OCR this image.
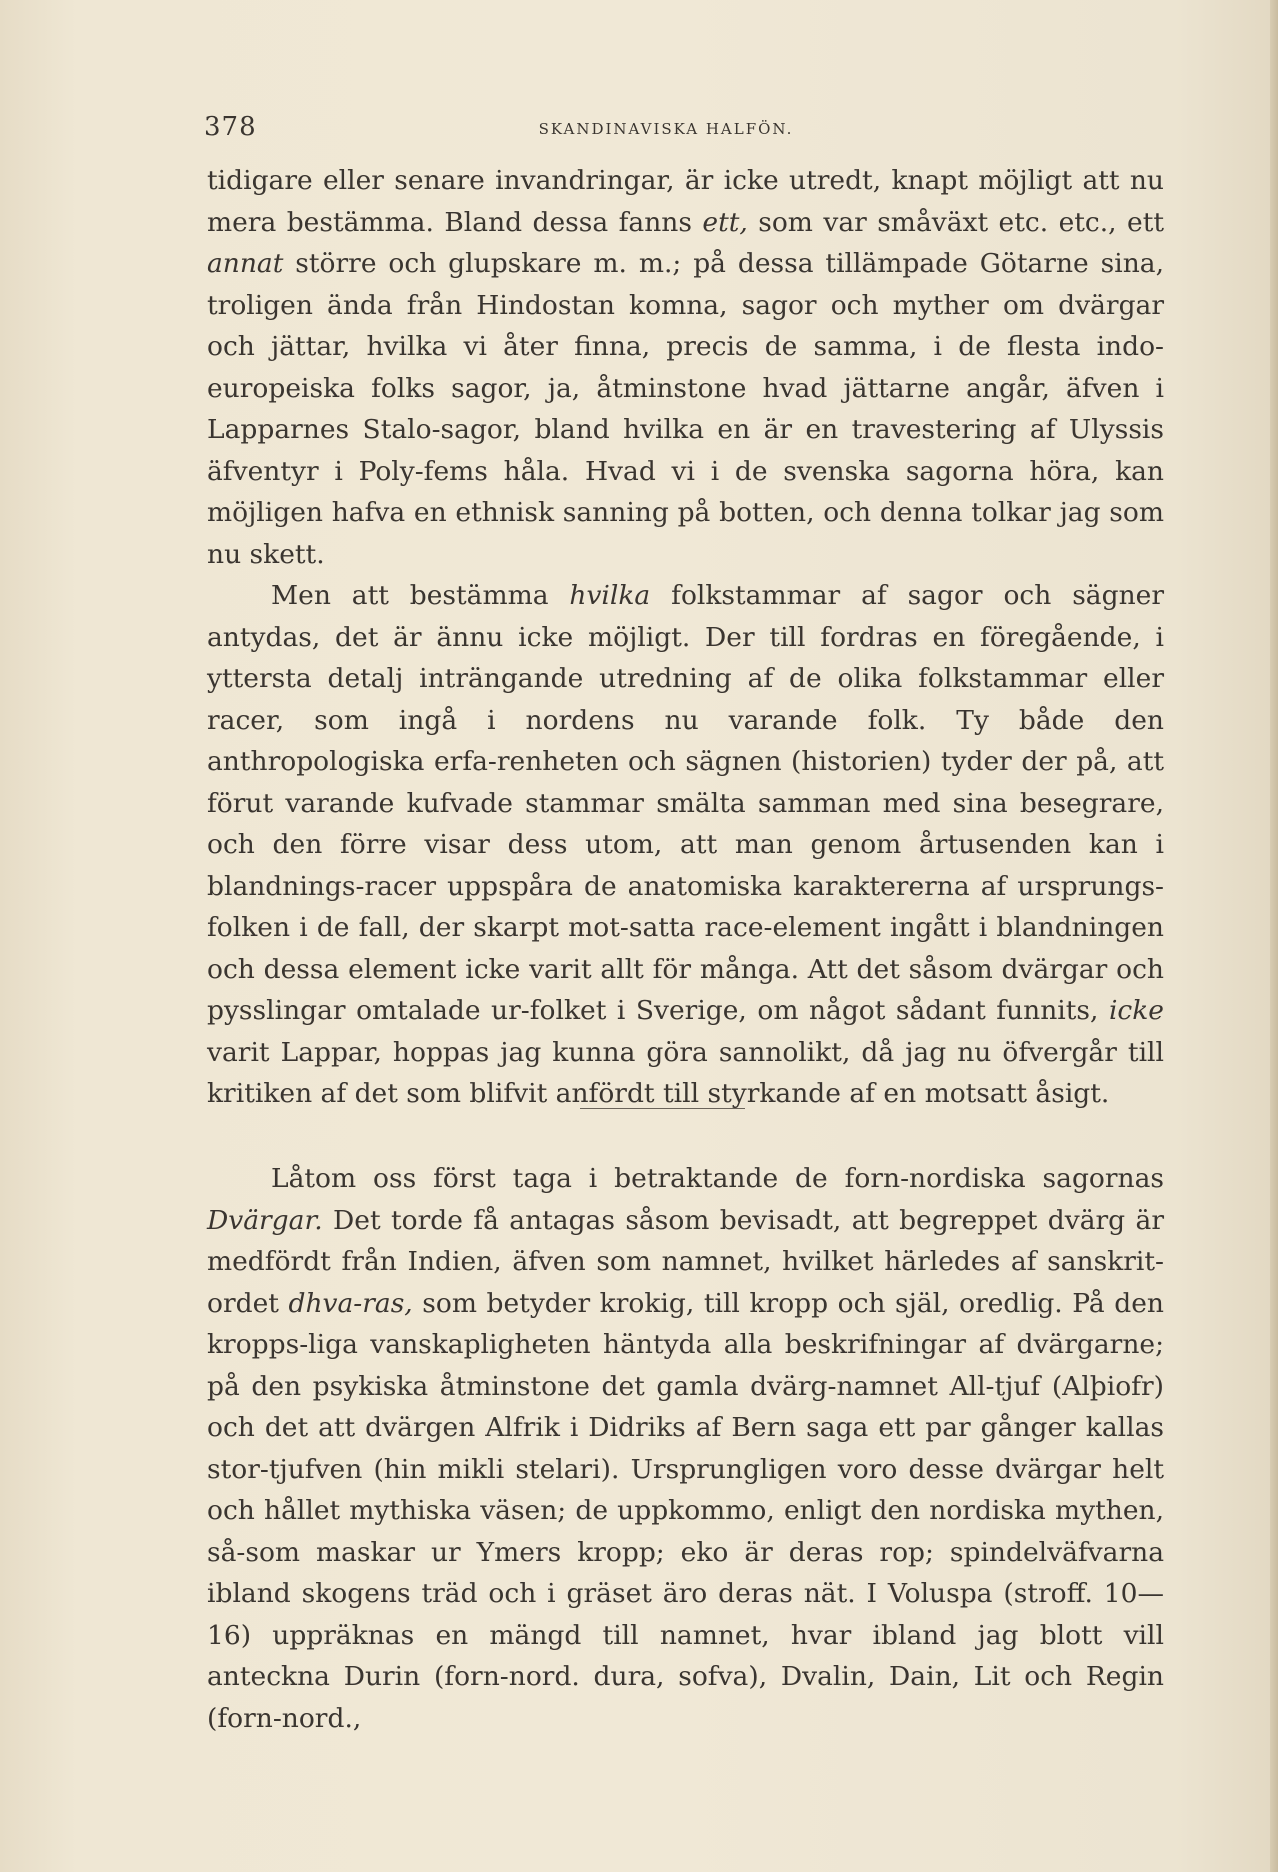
378	SKANDINAVISKA HALFÖN.

tidigare eller senare invandringar, är icke utredt, knapt möjligt att nu mera bestämma. Bland dessa fanns ett, som var småväxt etc. etc., ett annat större och glupskare m. m.; på dessa tillämpade Götarne sina, troligen ända från Hindostan komna, sagor och myther om dvärgar och jättar, hvilka vi åter finna, precis de samma, i de flesta indo-europeiska folks sagor, ja, åtminstone hvad jättarne angår, äfven i Lapparnes Stalo-sagor, bland hvilka en är en travestering af Ulyssis äfventyr i Poly-fems håla. Hvad vi i de svenska sagorna höra, kan möjligen hafva en ethnisk sanning på botten, och denna tolkar jag som nu skett.

Men att bestämma hvilka folkstammar af sagor och sägner antydas, det är ännu icke möjligt. Der till fordras en föregående, i yttersta detalj inträngande utredning af de olika folkstammar eller racer, som ingå i nordens nu varande folk. Ty både den anthropologiska erfa-renheten och sägnen (historien) tyder der på, att förut varande kufvade stammar smälta samman med sina besegrare, och den förre visar dess utom, att man genom årtusenden kan i blandnings-racer uppspåra de anatomiska karaktererna af ursprungs-folken i de fall, der skarpt mot-satta race-element ingått i blandningen och dessa element icke varit allt för många. Att det såsom dvärgar och pysslingar omtalade ur-folket i Sverige, om något sådant funnits, icke varit Lappar, hoppas jag kunna göra sannolikt, då jag nu öfvergår till kritiken af det som blifvit anfördt till styrkande af en motsatt åsigt.

Låtom oss först taga i betraktande de forn-nordiska sagornas Dvärgar. Det torde få antagas såsom bevisadt, att begreppet dvärg är medfördt från Indien, äfven som namnet, hvilket härledes af sanskrit-ordet dhva-ras, som betyder krokig, till kropp och själ, oredlig. På den kropps-liga vanskapligheten häntyda alla beskrifningar af dvärgarne; på den psykiska åtminstone det gamla dvärg-namnet All-tjuf (Alþiofr) och det att dvärgen Alfrik i Didriks af Bern saga ett par gånger kallas stor-tjufven (hin mikli stelari). Ursprungligen voro desse dvärgar helt och hållet mythiska väsen; de uppkommo, enligt den nordiska mythen, så-som maskar ur Ymers kropp; eko är deras rop; spindelväfvarna ibland skogens träd och i gräset äro deras nät. I Voluspa (stroff. 10—16) uppräknas en mängd till namnet, hvar ibland jag blott vill anteckna Durin (forn-nord. dura, sofva), Dvalin, Dain, Lit och Regin (forn-nord.,
